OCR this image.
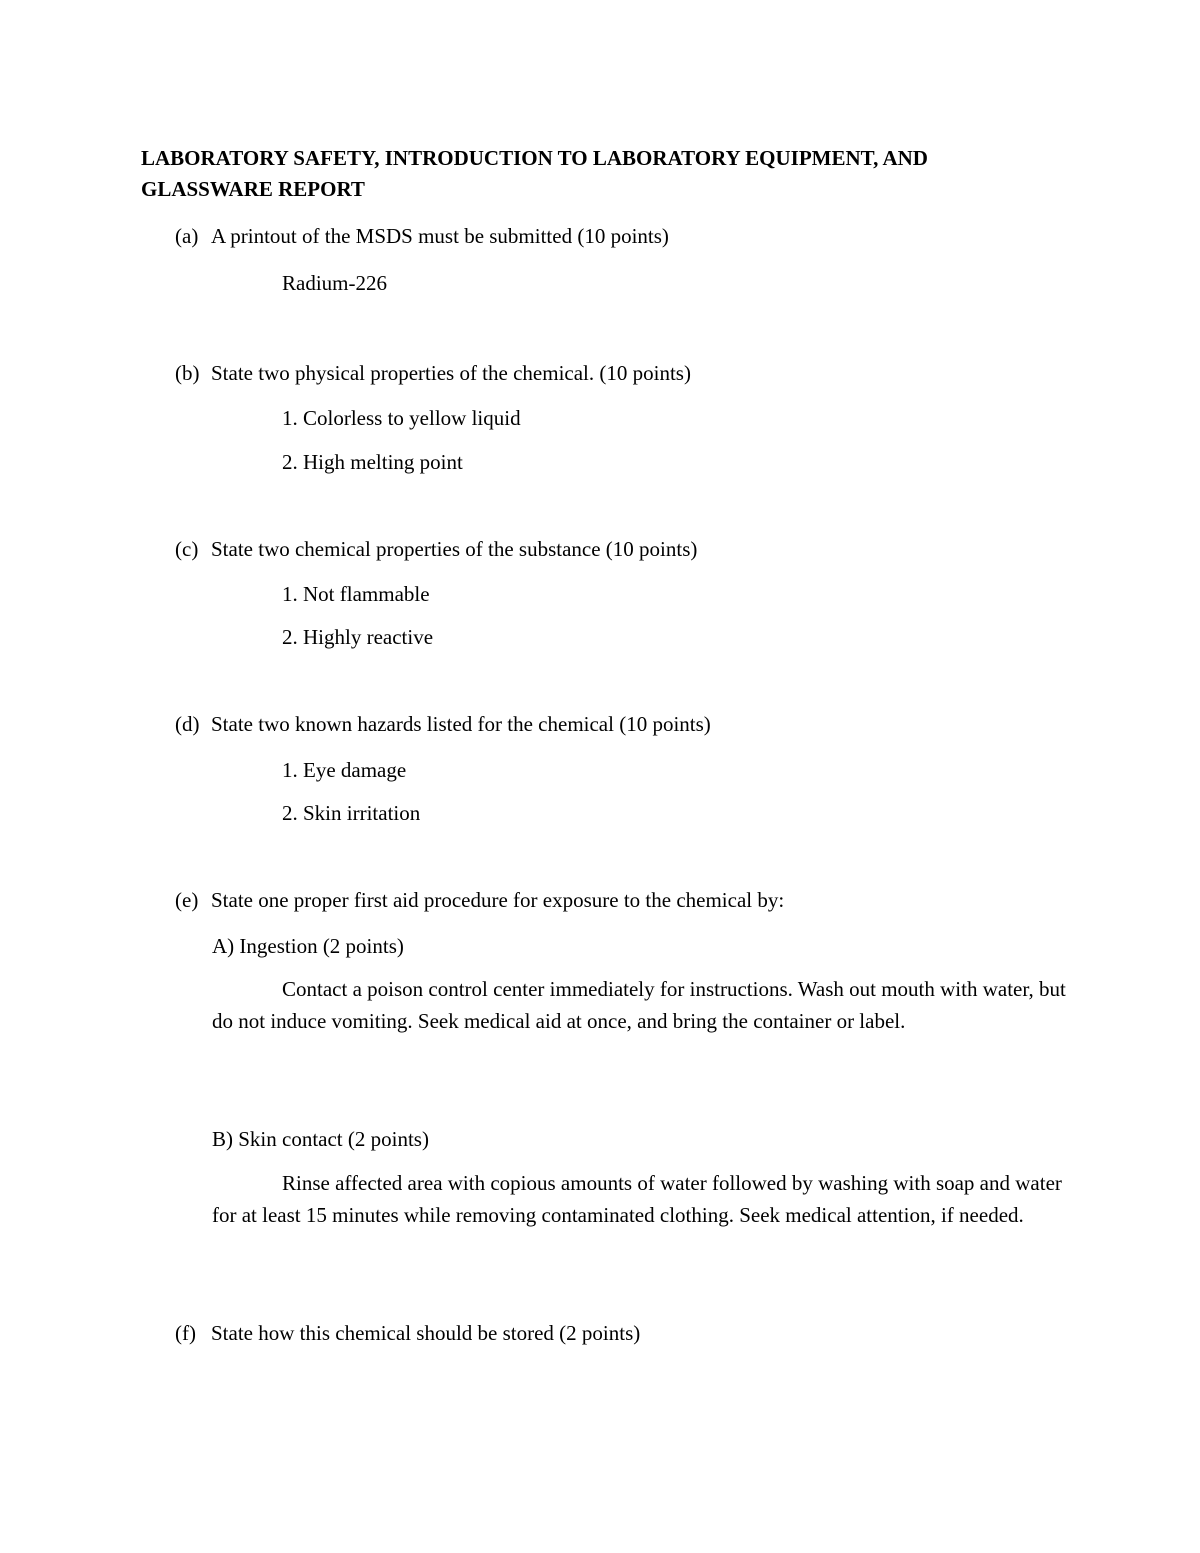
LABORATORY SAFETY, INTRODUCTION TO LABORATORY EQUIPMENT, AND GLASSWARE REPORT
(a) A printout of the MSDS must be submitted (10 points)
Radium-226
(b) State two physical properties of the chemical. (10 points)
1. Colorless to yellow liquid
2. High melting point
(c) State two chemical properties of the substance (10 points)
1. Not flammable
2. Highly reactive
(d) State two known hazards listed for the chemical (10 points)
1. Eye damage
2. Skin irritation
(e) State one proper first aid procedure for exposure to the chemical by:
A) Ingestion (2 points)
Contact a poison control center immediately for instructions. Wash out mouth with water, but do not induce vomiting. Seek medical aid at once, and bring the container or label.
B) Skin contact (2 points)
Rinse affected area with copious amounts of water followed by washing with soap and water for at least 15 minutes while removing contaminated clothing. Seek medical attention, if needed.
(f) State how this chemical should be stored (2 points)
